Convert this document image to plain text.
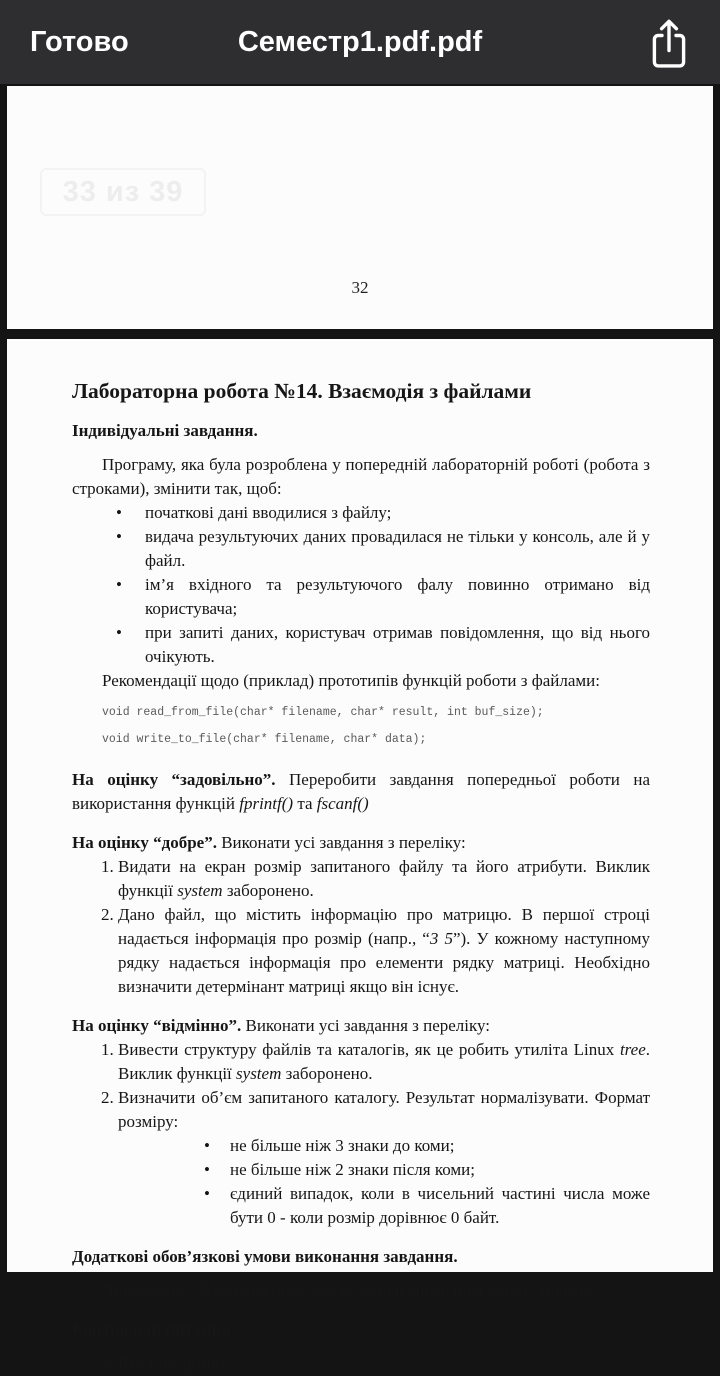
Готово	Семестр1.pdf.pdf
33 из 39
32
Лабораторна робота №14. Взаємодія з файлами
Індивідуальні завдання.

Програму, яка була розроблена у попередній лабораторній роботі (робота з строками), змінити так, щоб:

• початкові дані вводилися з файлу;
• видача результуючих даних провадилася не тільки у консоль, але й у файл.
• ім’я вхідного та результуючого фалу повинно отримано від користувача;
• при запиті даних, користувач отримав повідомлення, що від нього очікують.

Рекомендації щодо (приклад) прототипів функцій роботи з файлами:

void read_from_file(char* filename, char* result, int buf_size);
void write_to_file(char* filename, char* data);

На оцінку “задовільно”. Переробити завдання попередньої роботи на використання функцій fprintf() та fscanf()

На оцінку “добре”. Виконати усі завдання з переліку:

1. Видати на екран розмір запитаного файлу та його атрибути. Виклик функції system заборонено.
2. Дано файл, що містить інформацію про матрицю. В першої строці надається інформація про розмір (напр., “3 5”). У кожному наступному рядку надається інформація про елементи рядку матриці. Необхідно визначити детермінант матриці якщо він існує.

На оцінку “відмінно”. Виконати усі завдання з переліку:

1. Вивести структуру файлів та каталогів, як це робить утиліта Linux tree. Виклик функції system заборонено.
2. Визначити об’єм запитаного каталогу. Результат нормалізувати. Формат розміру:
• не більше ніж 3 знаки до коми;
• не більше ніж 2 знаки після коми;
• єдиний випадок, коли в чисельний частині числа може бути 0 - коли розмір дорівнює 0 байт.
Додаткові обов’язкові умови виконання завдання.

Див. розділ “Додаткові обов’язкові умови виконання робот. Модуль 2”

Контрольні питання.
1. Що таке файл?
